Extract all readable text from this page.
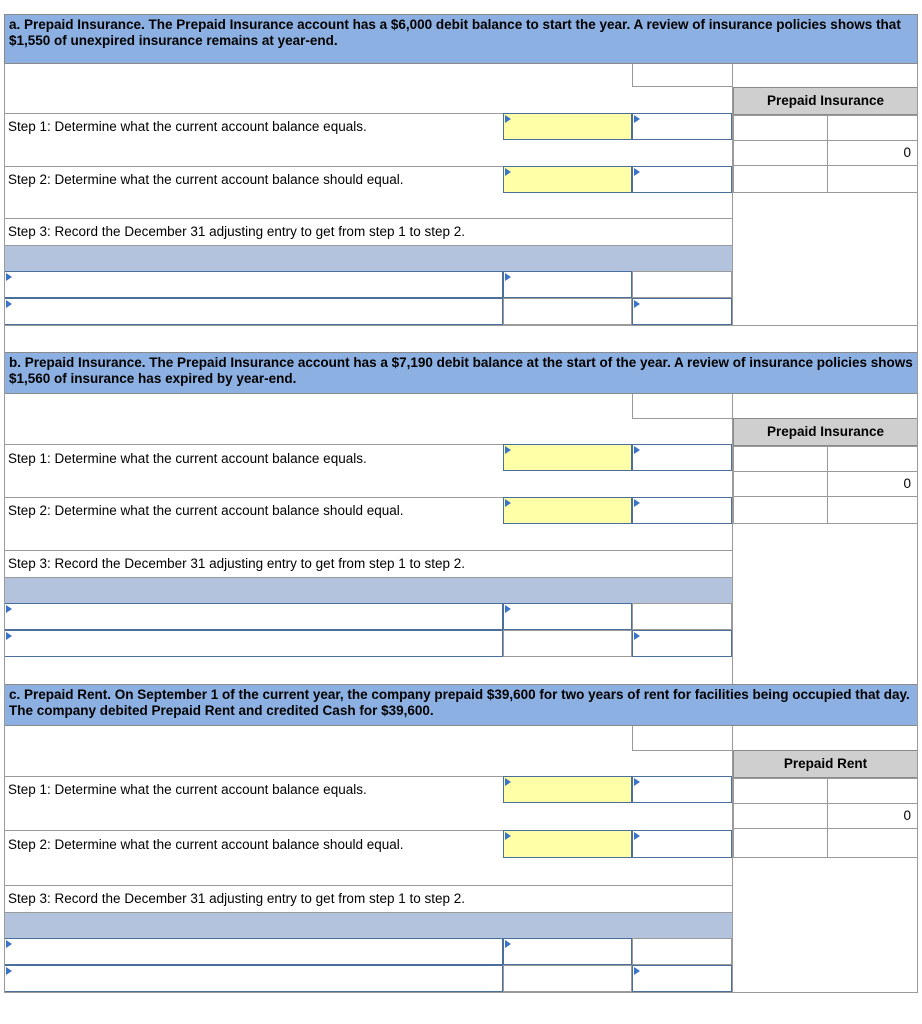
a. Prepaid Insurance. The Prepaid Insurance account has a $6,000 debit balance to start the year. A review of insurance policies shows that $1,550 of unexpired insurance remains at year-end.
Prepaid Insurance
0
Step 1: Determine what the current account balance equals.
Step 2: Determine what the current account balance should equal.
Step 3: Record the December 31 adjusting entry to get from step 1 to step 2.
b. Prepaid Insurance. The Prepaid Insurance account has a $7,190 debit balance at the start of the year. A review of insurance policies shows $1,560 of insurance has expired by year-end.
Prepaid Insurance
0
Step 1: Determine what the current account balance equals.
Step 2: Determine what the current account balance should equal.
Step 3: Record the December 31 adjusting entry to get from step 1 to step 2.
c. Prepaid Rent. On September 1 of the current year, the company prepaid $39,600 for two years of rent for facilities being occupied that day. The company debited Prepaid Rent and credited Cash for $39,600.
Prepaid Rent
0
Step 1: Determine what the current account balance equals.
Step 2: Determine what the current account balance should equal.
Step 3: Record the December 31 adjusting entry to get from step 1 to step 2.
